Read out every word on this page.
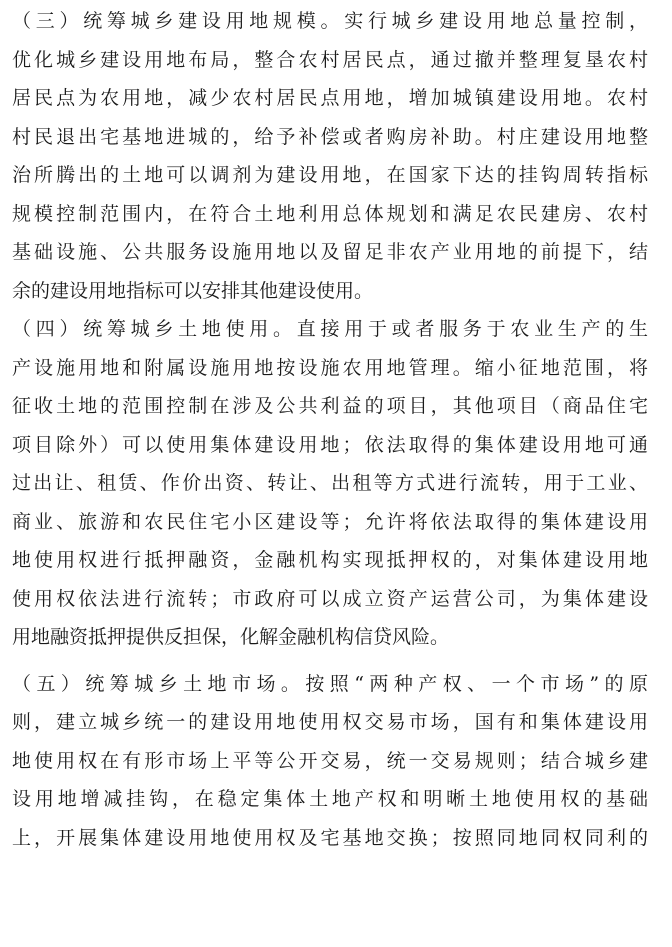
（三）统筹城乡建设用地规模。实行城乡建设用地总量控制，
优化城乡建设用地布局，整合农村居民点，通过撤并整理复垦农村
居民点为农用地，减少农村居民点用地，增加城镇建设用地。农村
村民退出宅基地进城的，给予补偿或者购房补助。村庄建设用地整
治所腾出的土地可以调剂为建设用地，在国家下达的挂钩周转指标
规模控制范围内，在符合土地利用总体规划和满足农民建房、农村
基础设施、公共服务设施用地以及留足非农产业用地的前提下，结
余的建设用地指标可以安排其他建设使用。
（四）统筹城乡土地使用。直接用于或者服务于农业生产的生
产设施用地和附属设施用地按设施农用地管理。缩小征地范围，将
征收土地的范围控制在涉及公共利益的项目，其他项目（商品住宅
项目除外）可以使用集体建设用地；依法取得的集体建设用地可通
过出让、租赁、作价出资、转让、出租等方式进行流转，用于工业、
商业、旅游和农民住宅小区建设等；允许将依法取得的集体建设用
地使用权进行抵押融资，金融机构实现抵押权的，对集体建设用地
使用权依法进行流转；市政府可以成立资产运营公司，为集体建设
用地融资抵押提供反担保，化解金融机构信贷风险。
（五）统筹城乡土地市场。按照“两种产权、一个市场”的原
则，建立城乡统一的建设用地使用权交易市场，国有和集体建设用
地使用权在有形市场上平等公开交易，统一交易规则；结合城乡建
设用地增减挂钩，在稳定集体土地产权和明晰土地使用权的基础
上，开展集体建设用地使用权及宅基地交换；按照同地同权同利的
